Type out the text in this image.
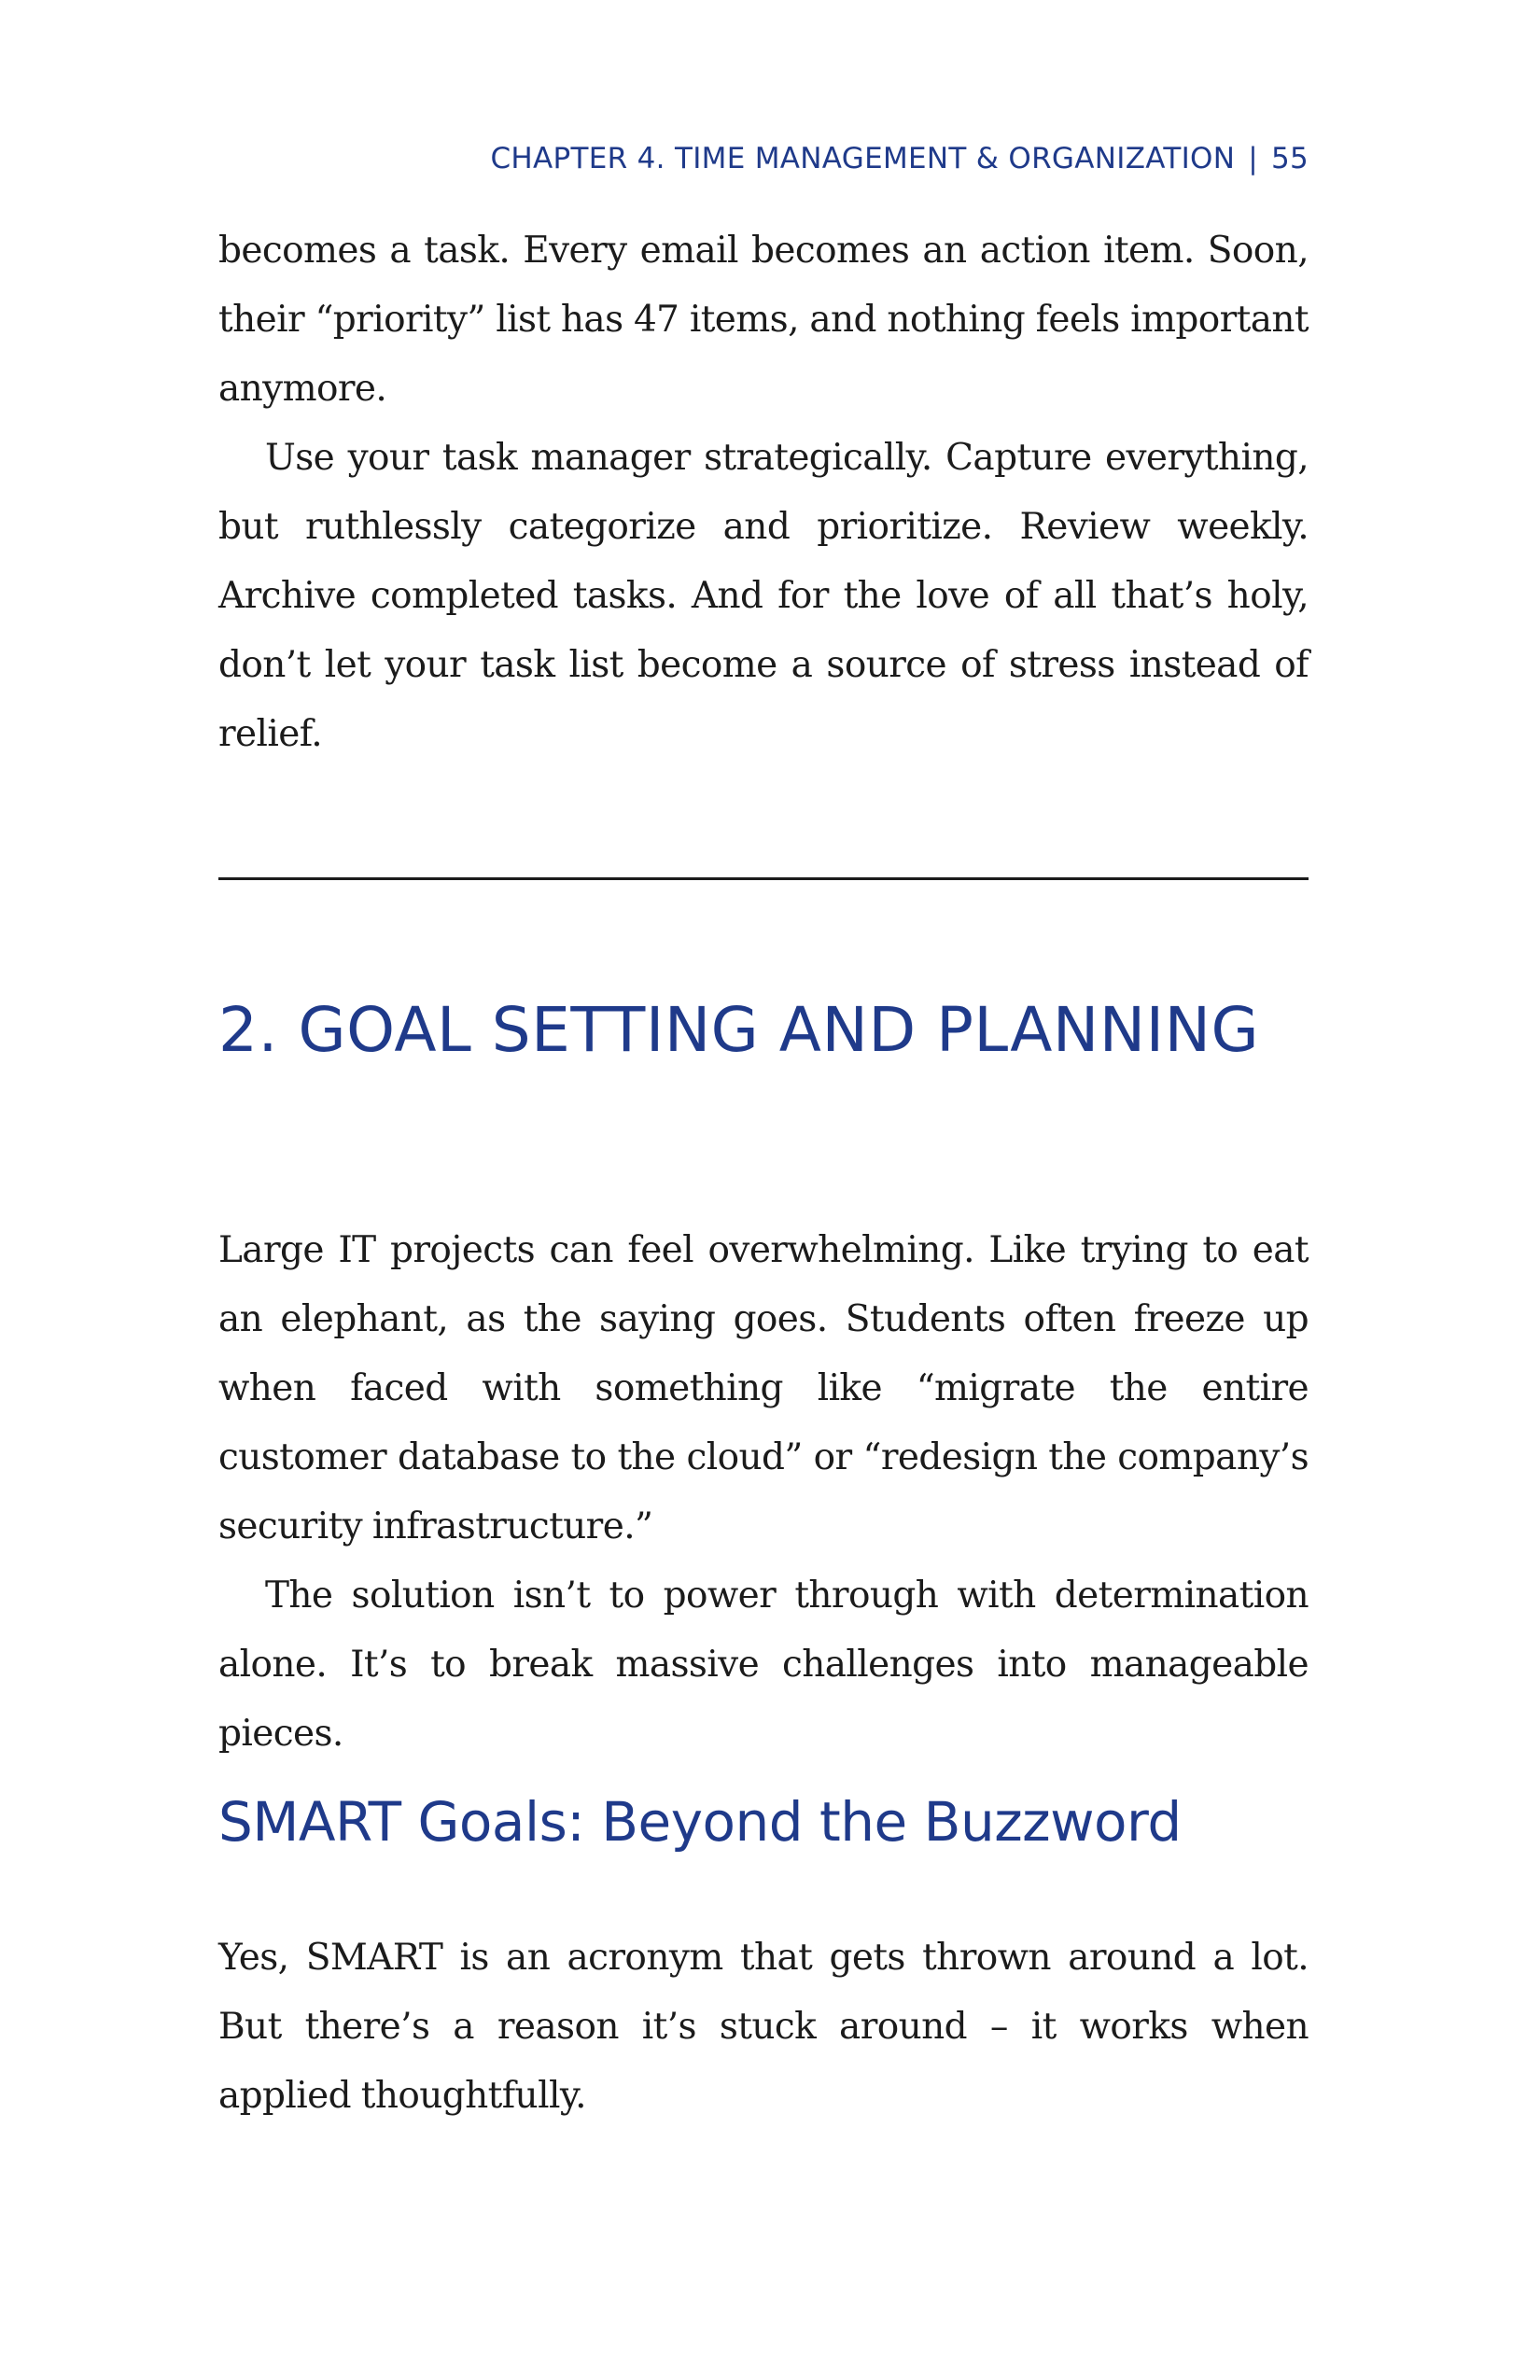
CHAPTER 4. TIME MANAGEMENT & ORGANIZATION | 55

becomes a task. Every email becomes an action item. Soon, their “priority” list has 47 items, and nothing feels important anymore.

Use your task manager strategically. Capture everything, but ruthlessly categorize and prioritize. Review weekly. Archive completed tasks. And for the love of all that’s holy, don’t let your task list become a source of stress instead of relief.

2. GOAL SETTING AND PLANNING

Large IT projects can feel overwhelming. Like trying to eat an elephant, as the saying goes. Students often freeze up when faced with something like “migrate the entire customer database to the cloud” or “redesign the company’s security infrastructure.”

The solution isn’t to power through with determination alone. It’s to break massive challenges into manageable pieces.

SMART Goals: Beyond the Buzzword

Yes, SMART is an acronym that gets thrown around a lot. But there’s a reason it’s stuck around – it works when applied thoughtfully.
